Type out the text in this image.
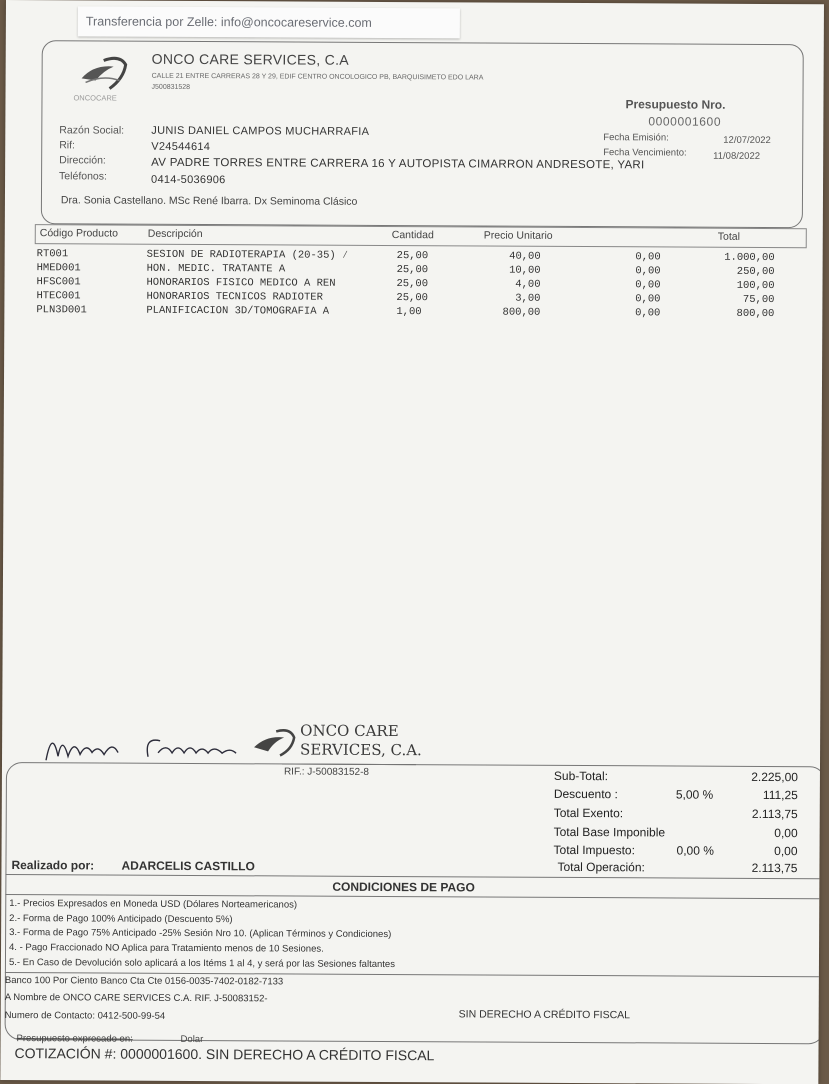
Transferencia por Zelle: info@oncocareservice.com
ONCOCARE
ONCO CARE SERVICES, C.A
CALLE 21 ENTRE CARRERAS 28 Y 29, EDIF CENTRO ONCOLOGICO PB, BARQUISIMETO EDO LARA
J500831528
Presupuesto Nro.
0000001600
Fecha Emisión:	12/07/2022
Fecha Vencimiento:	11/08/2022
Razón Social: JUNIS DANIEL CAMPOS MUCHARRAFIA
Rif:	V24544614
Dirección:	AV PADRE TORRES ENTRE CARRERA 16 Y AUTOPISTA CIMARRON ANDRESOTE, YARI
Teléfonos:	0414-5036906
Dra. Sonia Castellano. MSc René Ibarra. Dx Seminoma Clásico
Código Producto	Descripción	Cantidad	Precio Unitario	Total
RT001	SESION DE RADIOTERAPIA (20-35) ⁄	25,00	40,00	0,00	1.000,00
HMED001	HON. MEDIC. TRATANTE A	25,00	10,00	0,00	250,00
HFSC001	HONORARIOS FISICO MEDICO A REN	25,00	4,00	0,00	100,00
HTEC001	HONORARIOS TECNICOS RADIOTER	25,00	3,00	0,00	75,00
PLN3D001	PLANIFICACION 3D/TOMOGRAFIA A	1,00	800,00	0,00	800,00
ONCO CARE
SERVICES, C.A.
RIF.: J-50083152-8	Sub-Total:	2.225,00
Descuento :	5,00 %	111,25
Total Exento:	2.113,75
Total Base Imponible	0,00
Total Impuesto:	0,00 %	0,00
Total Operación:	2.113,75
Realizado por: ADARCELIS CASTILLO
CONDICIONES DE PAGO
1.- Precios Expresados en Moneda USD (Dólares Norteamericanos)
2.- Forma de Pago 100% Anticipado (Descuento 5%)
3.- Forma de Pago 75% Anticipado -25% Sesión Nro 10. (Aplican Términos y Condiciones)
4. - Pago Fraccionado NO Aplica para Tratamiento menos de 10 Sesiones.
5.- En Caso de Devolución solo aplicará a los Itéms 1 al 4, y será por las Sesiones faltantes
Banco 100 Por Ciento Banco Cta Cte 0156-0035-7402-0182-7133
A Nombre de ONCO CARE SERVICES C.A. RIF. J-50083152-
Numero de Contacto: 0412-500-99-54	SIN DERECHO A CRÉDITO FISCAL
Presupuesto expresado en:	Dolar
COTIZACIÓN #: 0000001600. SIN DERECHO A CRÉDITO FISCAL
